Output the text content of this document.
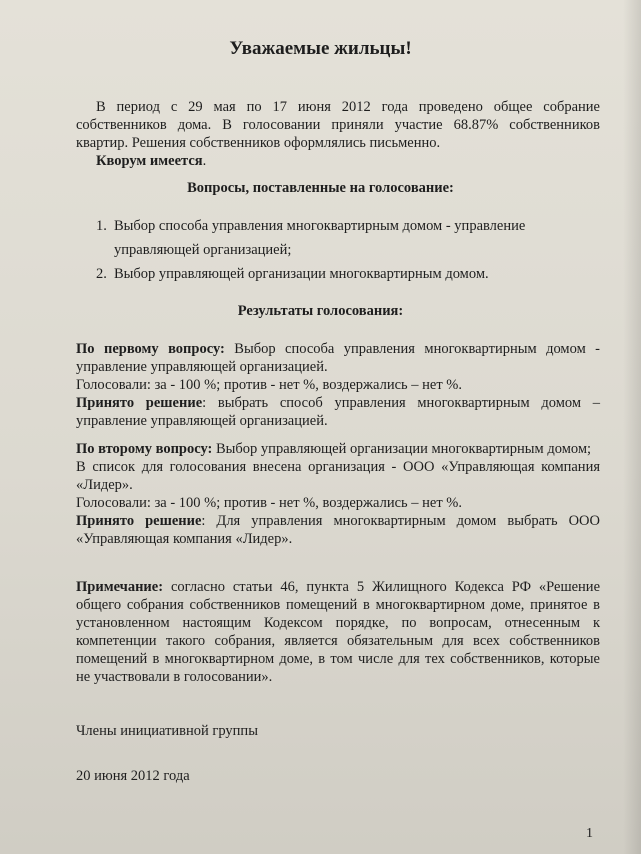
Уважаемые жильцы!
В период с 29 мая по 17 июня 2012 года проведено общее собрание собственников дома. В голосовании приняли участие 68.87% собственников квартир. Решения собственников оформлялись письменно.
Кворум имеется.
Вопросы, поставленные на голосование:
1. Выбор способа управления многоквартирным домом - управление управляющей организацией;
2. Выбор управляющей организации многоквартирным домом.
Результаты голосования:

По первому вопросу: Выбор способа управления многоквартирным домом - управление управляющей организацией.

Голосовали: за - 100 %; против - нет %, воздержались – нет %.

Принято решение: выбрать способ управления многоквартирным домом – управление управляющей организацией.

По второму вопросу: Выбор управляющей организации многоквартирным домом;

В список для голосования внесена организация - ООО «Управляющая компания «Лидер».

Голосовали: за - 100 %; против - нет %, воздержались – нет %.

Принято решение: Для управления многоквартирным домом выбрать ООО «Управляющая компания «Лидер».

Примечание: согласно статьи 46, пункта 5 Жилищного Кодекса РФ «Решение общего собрания собственников помещений в многоквартирном доме, принятое в установленном настоящим Кодексом порядке, по вопросам, отнесенным к компетенции такого собрания, является обязательным для всех собственников помещений в многоквартирном доме, в том числе для тех собственников, которые не участвовали в голосовании».
Члены инициативной группы
20 июня 2012 года
1
